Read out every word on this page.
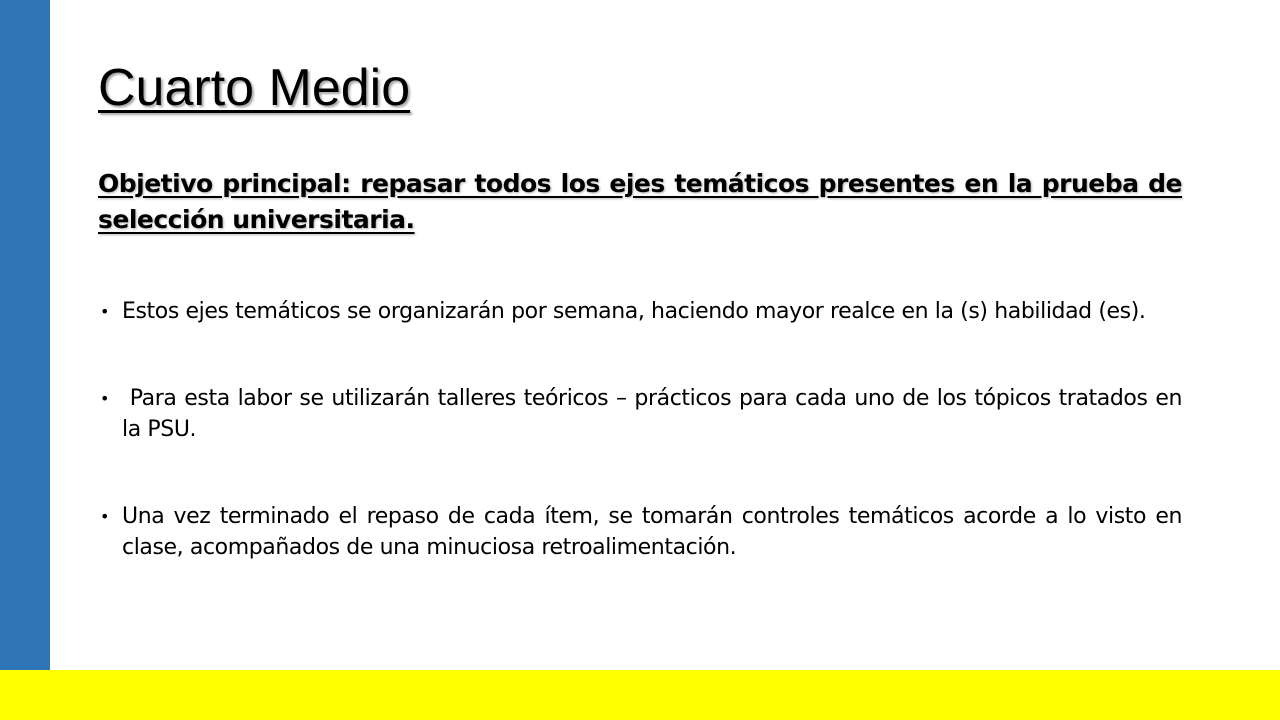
Cuarto Medio

Objetivo principal: repasar todos los ejes temáticos presentes en la prueba de selección universitaria.

• Estos ejes temáticos se organizarán por semana, haciendo mayor realce en la (s) habilidad (es).
• Para esta labor se utilizarán talleres teóricos – prácticos para cada uno de los tópicos tratados en la PSU.
• Una vez terminado el repaso de cada ítem, se tomarán controles temáticos acorde a lo visto en clase, acompañados de una minuciosa retroalimentación.
